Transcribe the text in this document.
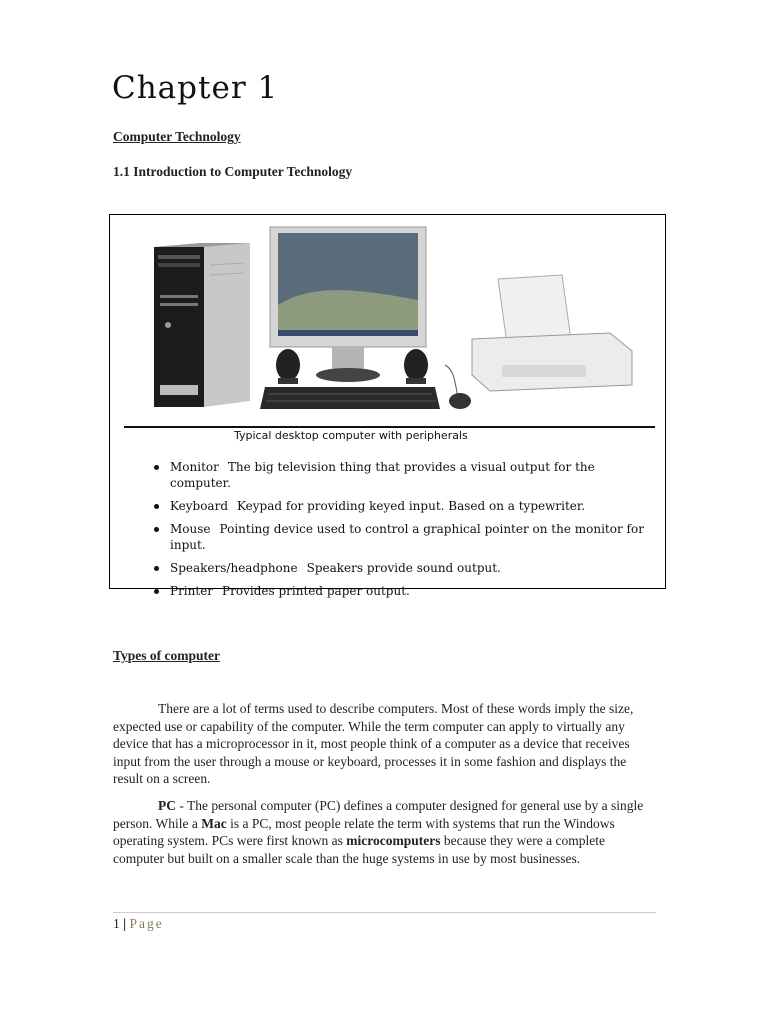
Chapter 1
Computer Technology
1.1 Introduction to Computer Technology
Typical desktop computer with peripherals
Monitor The big television thing that provides a visual output for the computer.
Keyboard Keypad for providing keyed input. Based on a typewriter.
Mouse Pointing device used to control a graphical pointer on the monitor for input.
Speakers/headphone Speakers provide sound output.
Printer Provides printed paper output.
Types of computer

There are a lot of terms used to describe computers. Most of these words imply the size, expected use or capability of the computer. While the term computer can apply to virtually any device that has a microprocessor in it, most people think of a computer as a device that receives input from the user through a mouse or keyboard, processes it in some fashion and displays the result on a screen.

PC - The personal computer (PC) defines a computer designed for general use by a single person. While a Mac is a PC, most people relate the term with systems that run the Windows operating system. PCs were first known as microcomputers because they were a complete computer but built on a smaller scale than the huge systems in use by most businesses.

1 | Page
